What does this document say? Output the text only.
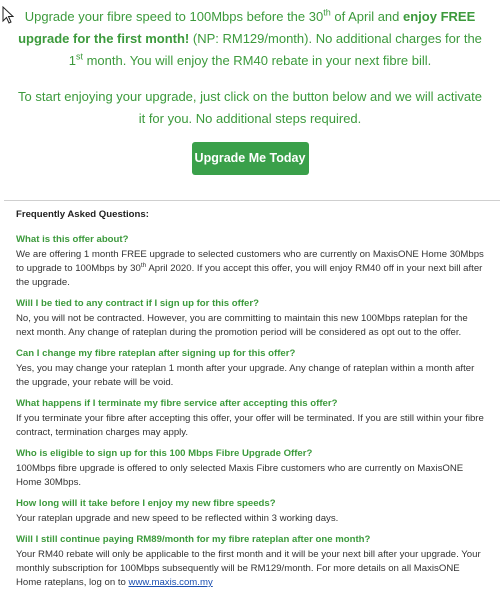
Upgrade your fibre speed to 100Mbps before the 30th of April and enjoy FREE upgrade for the first month! (NP: RM129/month). No additional charges for the 1st month. You will enjoy the RM40 rebate in your next fibre bill.

To start enjoying your upgrade, just click on the button below and we will activate it for you. No additional steps required.

Upgrade Me Today
Frequently Asked Questions:
What is this offer about?
We are offering 1 month FREE upgrade to selected customers who are currently on MaxisONE Home 30Mbps to upgrade to 100Mbps by 30th April 2020. If you accept this offer, you will enjoy RM40 off in your next bill after the upgrade.
Will I be tied to any contract if I sign up for this offer?
No, you will not be contracted. However, you are committing to maintain this new 100Mbps rateplan for the next month. Any change of rateplan during the promotion period will be considered as opt out to the offer.
Can I change my fibre rateplan after signing up for this offer?
Yes, you may change your rateplan 1 month after your upgrade. Any change of rateplan within a month after the upgrade, your rebate will be void.
What happens if I terminate my fibre service after accepting this offer?
If you terminate your fibre after accepting this offer, your offer will be terminated. If you are still within your fibre contract, termination charges may apply.
Who is eligible to sign up for this 100 Mbps Fibre Upgrade Offer?
100Mbps fibre upgrade is offered to only selected Maxis Fibre customers who are currently on MaxisONE Home 30Mbps.
How long will it take before I enjoy my new fibre speeds?
Your rateplan upgrade and new speed to be reflected within 3 working days.
Will I still continue paying RM89/month for my fibre rateplan after one month?
Your RM40 rebate will only be applicable to the first month and it will be your next bill after your upgrade. Your monthly subscription for 100Mbps subsequently will be RM129/month. For more details on all MaxisONE Home rateplans, log on to www.maxis.com.my
